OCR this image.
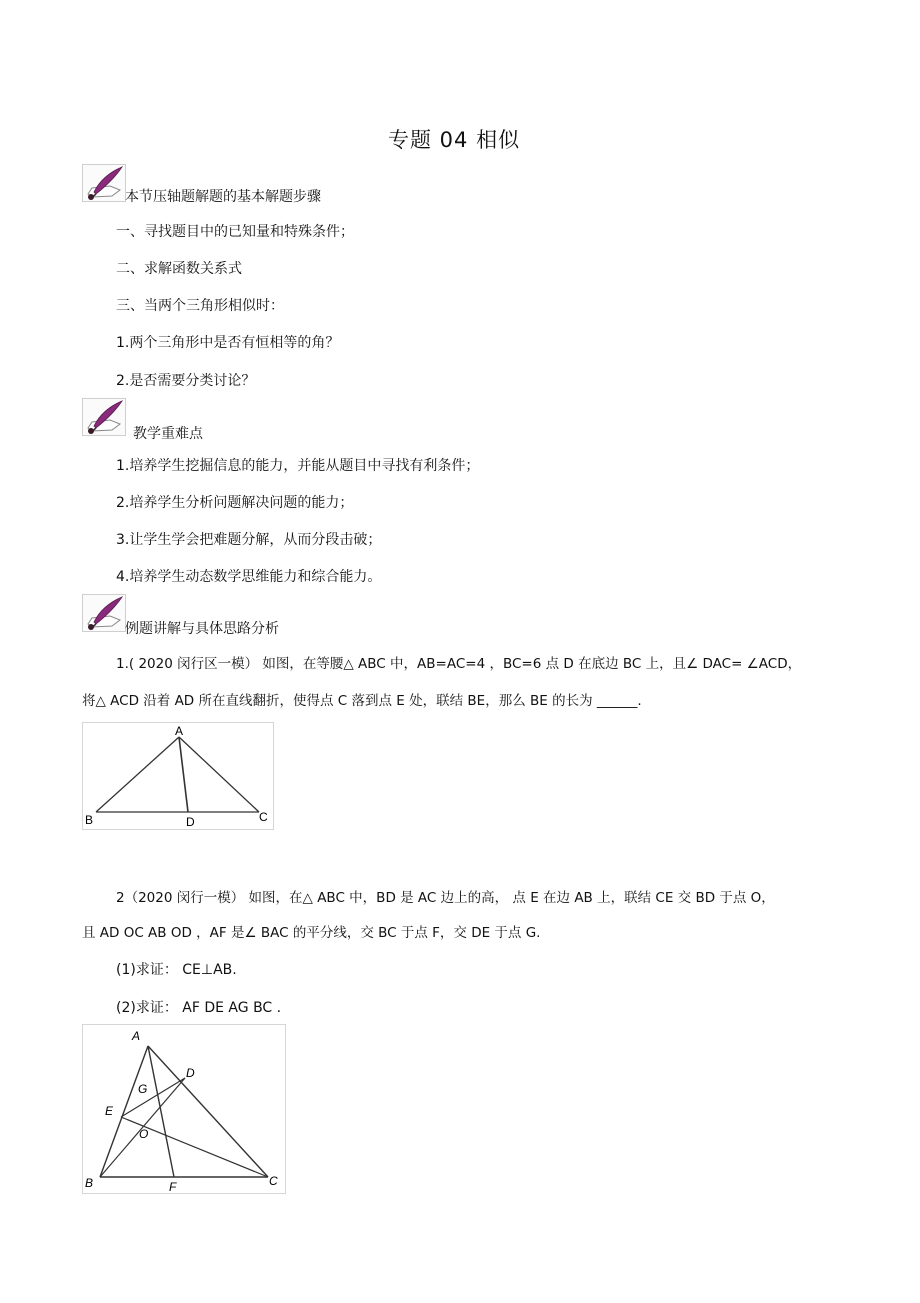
专题 04 相似
本节压轴题解题的基本解题步骤
一、寻找题目中的已知量和特殊条件；
二、求解函数关系式
三、当两个三角形相似时：
1.两个三角形中是否有恒相等的角？
2.是否需要分类讨论？
教学重难点
1.培养学生挖掘信息的能力，并能从题目中寻找有利条件；
2.培养学生分析问题解决问题的能力；
3.让学生学会把难题分解，从而分段击破；
4.培养学生动态数学思维能力和综合能力。
例题讲解与具体思路分析
1.( 2020 闵行区一模） 如图，在等腰△ ABC 中，AB=AC=4 ，BC=6 点 D 在底边 BC 上，且∠ DAC= ∠ACD，
将△ ACD 沿着 AD 所在直线翻折，使得点 C 落到点 E 处，联结 BE，那么 BE 的长为 ______.
A
B	D	C
2（2020 闵行一模） 如图，在△ ABC 中，BD 是 AC 边上的高， 点 E 在边 AB 上，联结 CE 交 BD 于点 O，
且 AD OC AB OD ，AF 是∠ BAC 的平分线，交 BC 于点 F，交 DE 于点 G.
(1)求证： CE⊥AB.
(2)求证： AF DE AG BC .
A
D
G
E
O
B	F	C
